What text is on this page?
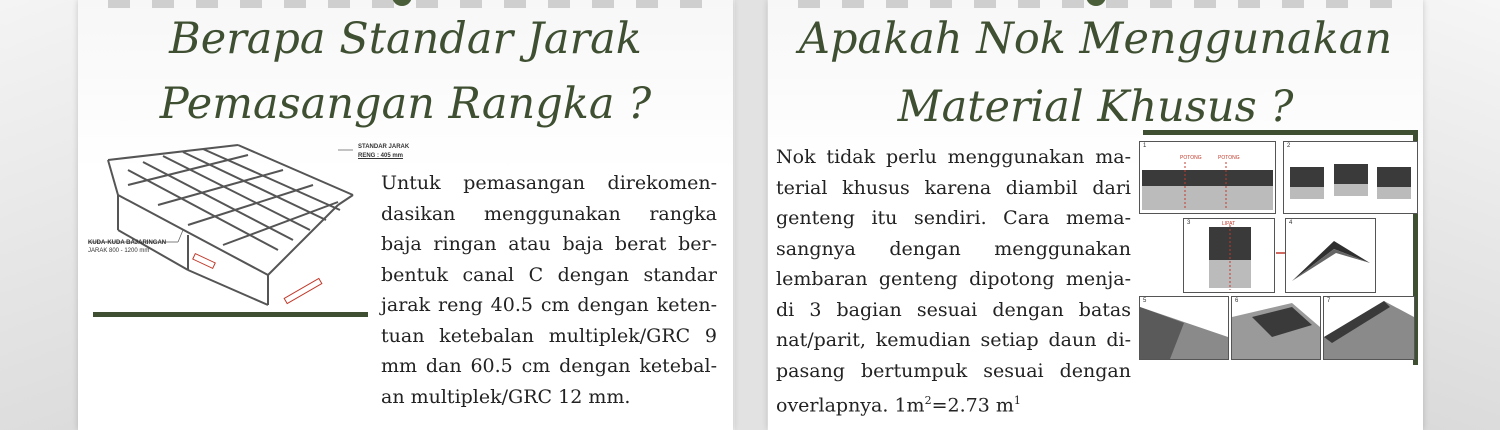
Berapa Standar Jarak
Pemasangan Rangka ?
STANDAR JARAK
RENG : 405 mm
KUDA-KUDA BAJARINGAN
JARAK 800 - 1200 mm
Untuk pemasangan direkomen-
dasikan menggunakan rangka
baja ringan atau baja berat ber-
bentuk canal C dengan standar
jarak reng 40.5 cm dengan keten-
tuan ketebalan multiplek/GRC 9
mm dan 60.5 cm dengan ketebal-
an multiplek/GRC 12 mm.
Apakah Nok Menggunakan
Material Khusus ?
Nok tidak perlu menggunakan ma-
terial khusus karena diambil dari
genteng itu sendiri. Cara mema-
sangnya dengan menggunakan
lembaran genteng dipotong menja-
di 3 bagian sesuai dengan batas
nat/parit, kemudian setiap daun di-
pasang bertumpuk sesuai dengan
overlapnya. $1m^2=2.73$ $m^1$
1
POTONG	POTONG
2
3	LIPAT	4
5	6	7
